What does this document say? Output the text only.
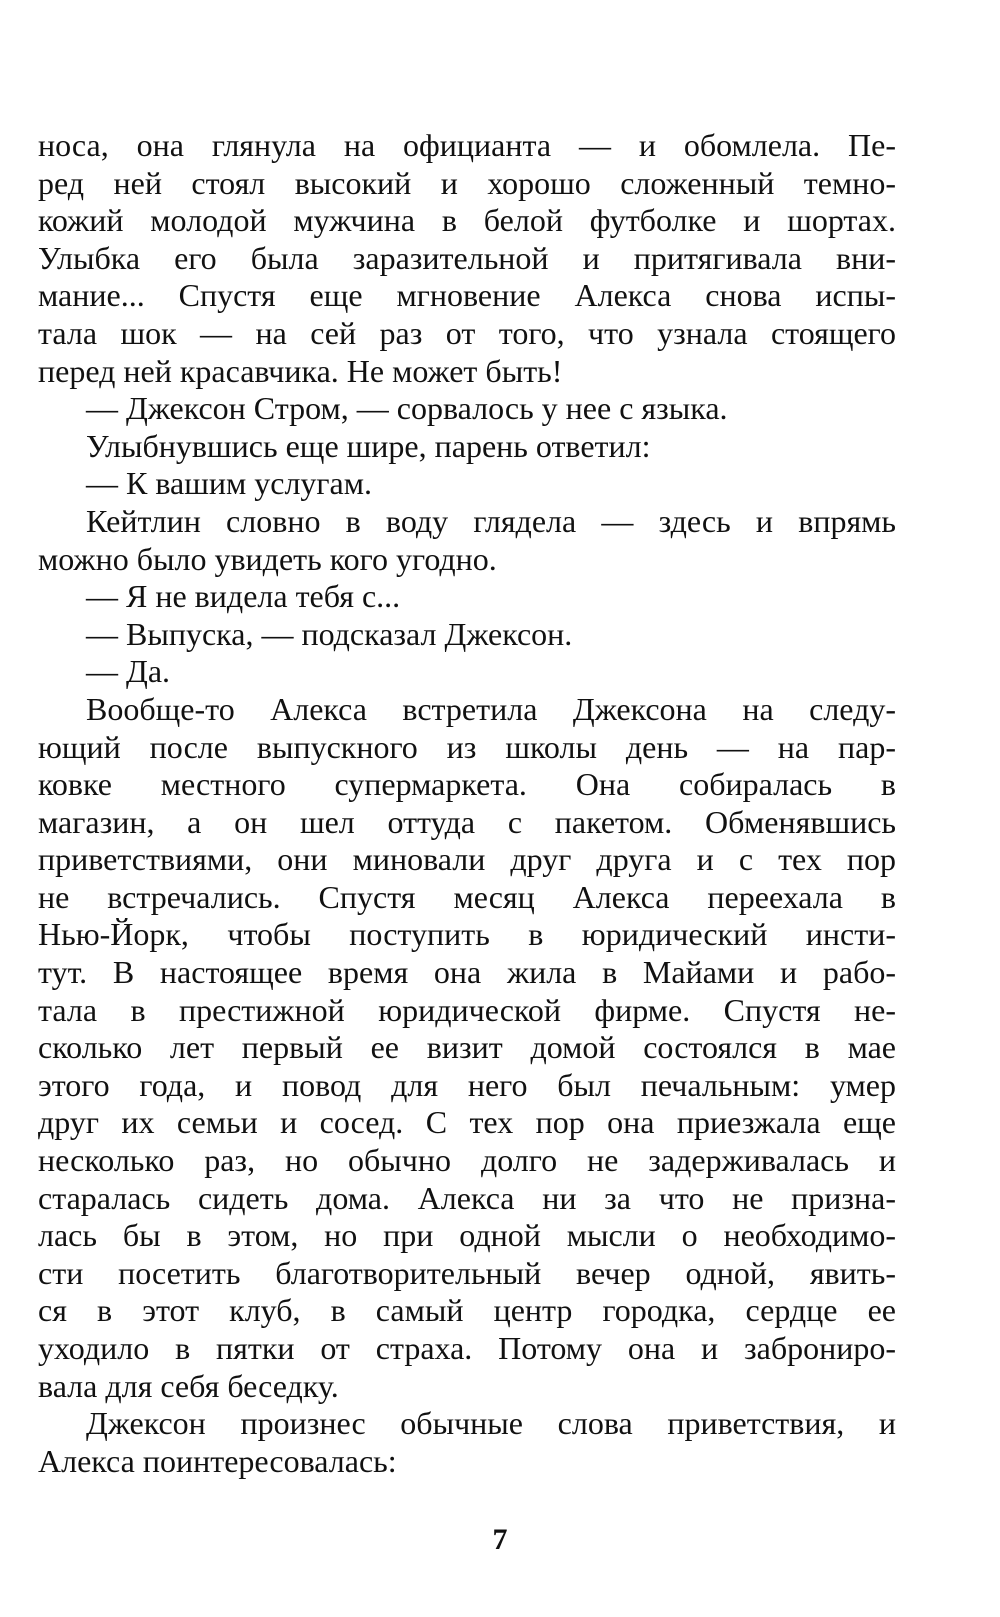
носа, она глянула на официанта — и обомлела. Пе-
ред ней стоял высокий и хорошо сложенный темно-
кожий молодой мужчина в белой футболке и шортах.
Улыбка его была заразительной и притягивала вни-
мание... Спустя еще мгновение Алекса снова испы-
тала шок — на сей раз от того, что узнала стоящего
перед ней красавчика. Не может быть!
— Джексон Стром, — сорвалось у нее с языка.
Улыбнувшись еще шире, парень ответил:
— К вашим услугам.
Кейтлин словно в воду глядела — здесь и впрямь
можно было увидеть кого угодно.
— Я не видела тебя с...
— Выпуска, — подсказал Джексон.
— Да.
Вообще-то Алекса встретила Джексона на следу-
ющий после выпускного из школы день — на пар-
ковке местного супермаркета. Она собиралась в
магазин, а он шел оттуда с пакетом. Обменявшись
приветствиями, они миновали друг друга и с тех пор
не встречались. Спустя месяц Алекса переехала в
Нью-Йорк, чтобы поступить в юридический инсти-
тут. В настоящее время она жила в Майами и рабо-
тала в престижной юридической фирме. Спустя не-
сколько лет первый ее визит домой состоялся в мае
этого года, и повод для него был печальным: умер
друг их семьи и сосед. С тех пор она приезжала еще
несколько раз, но обычно долго не задерживалась и
старалась сидеть дома. Алекса ни за что не призна-
лась бы в этом, но при одной мысли о необходимо-
сти посетить благотворительный вечер одной, явить-
ся в этот клуб, в самый центр городка, сердце ее
уходило в пятки от страха. Потому она и заброниро-
вала для себя беседку.
Джексон произнес обычные слова приветствия, и
Алекса поинтересовалась:
7
